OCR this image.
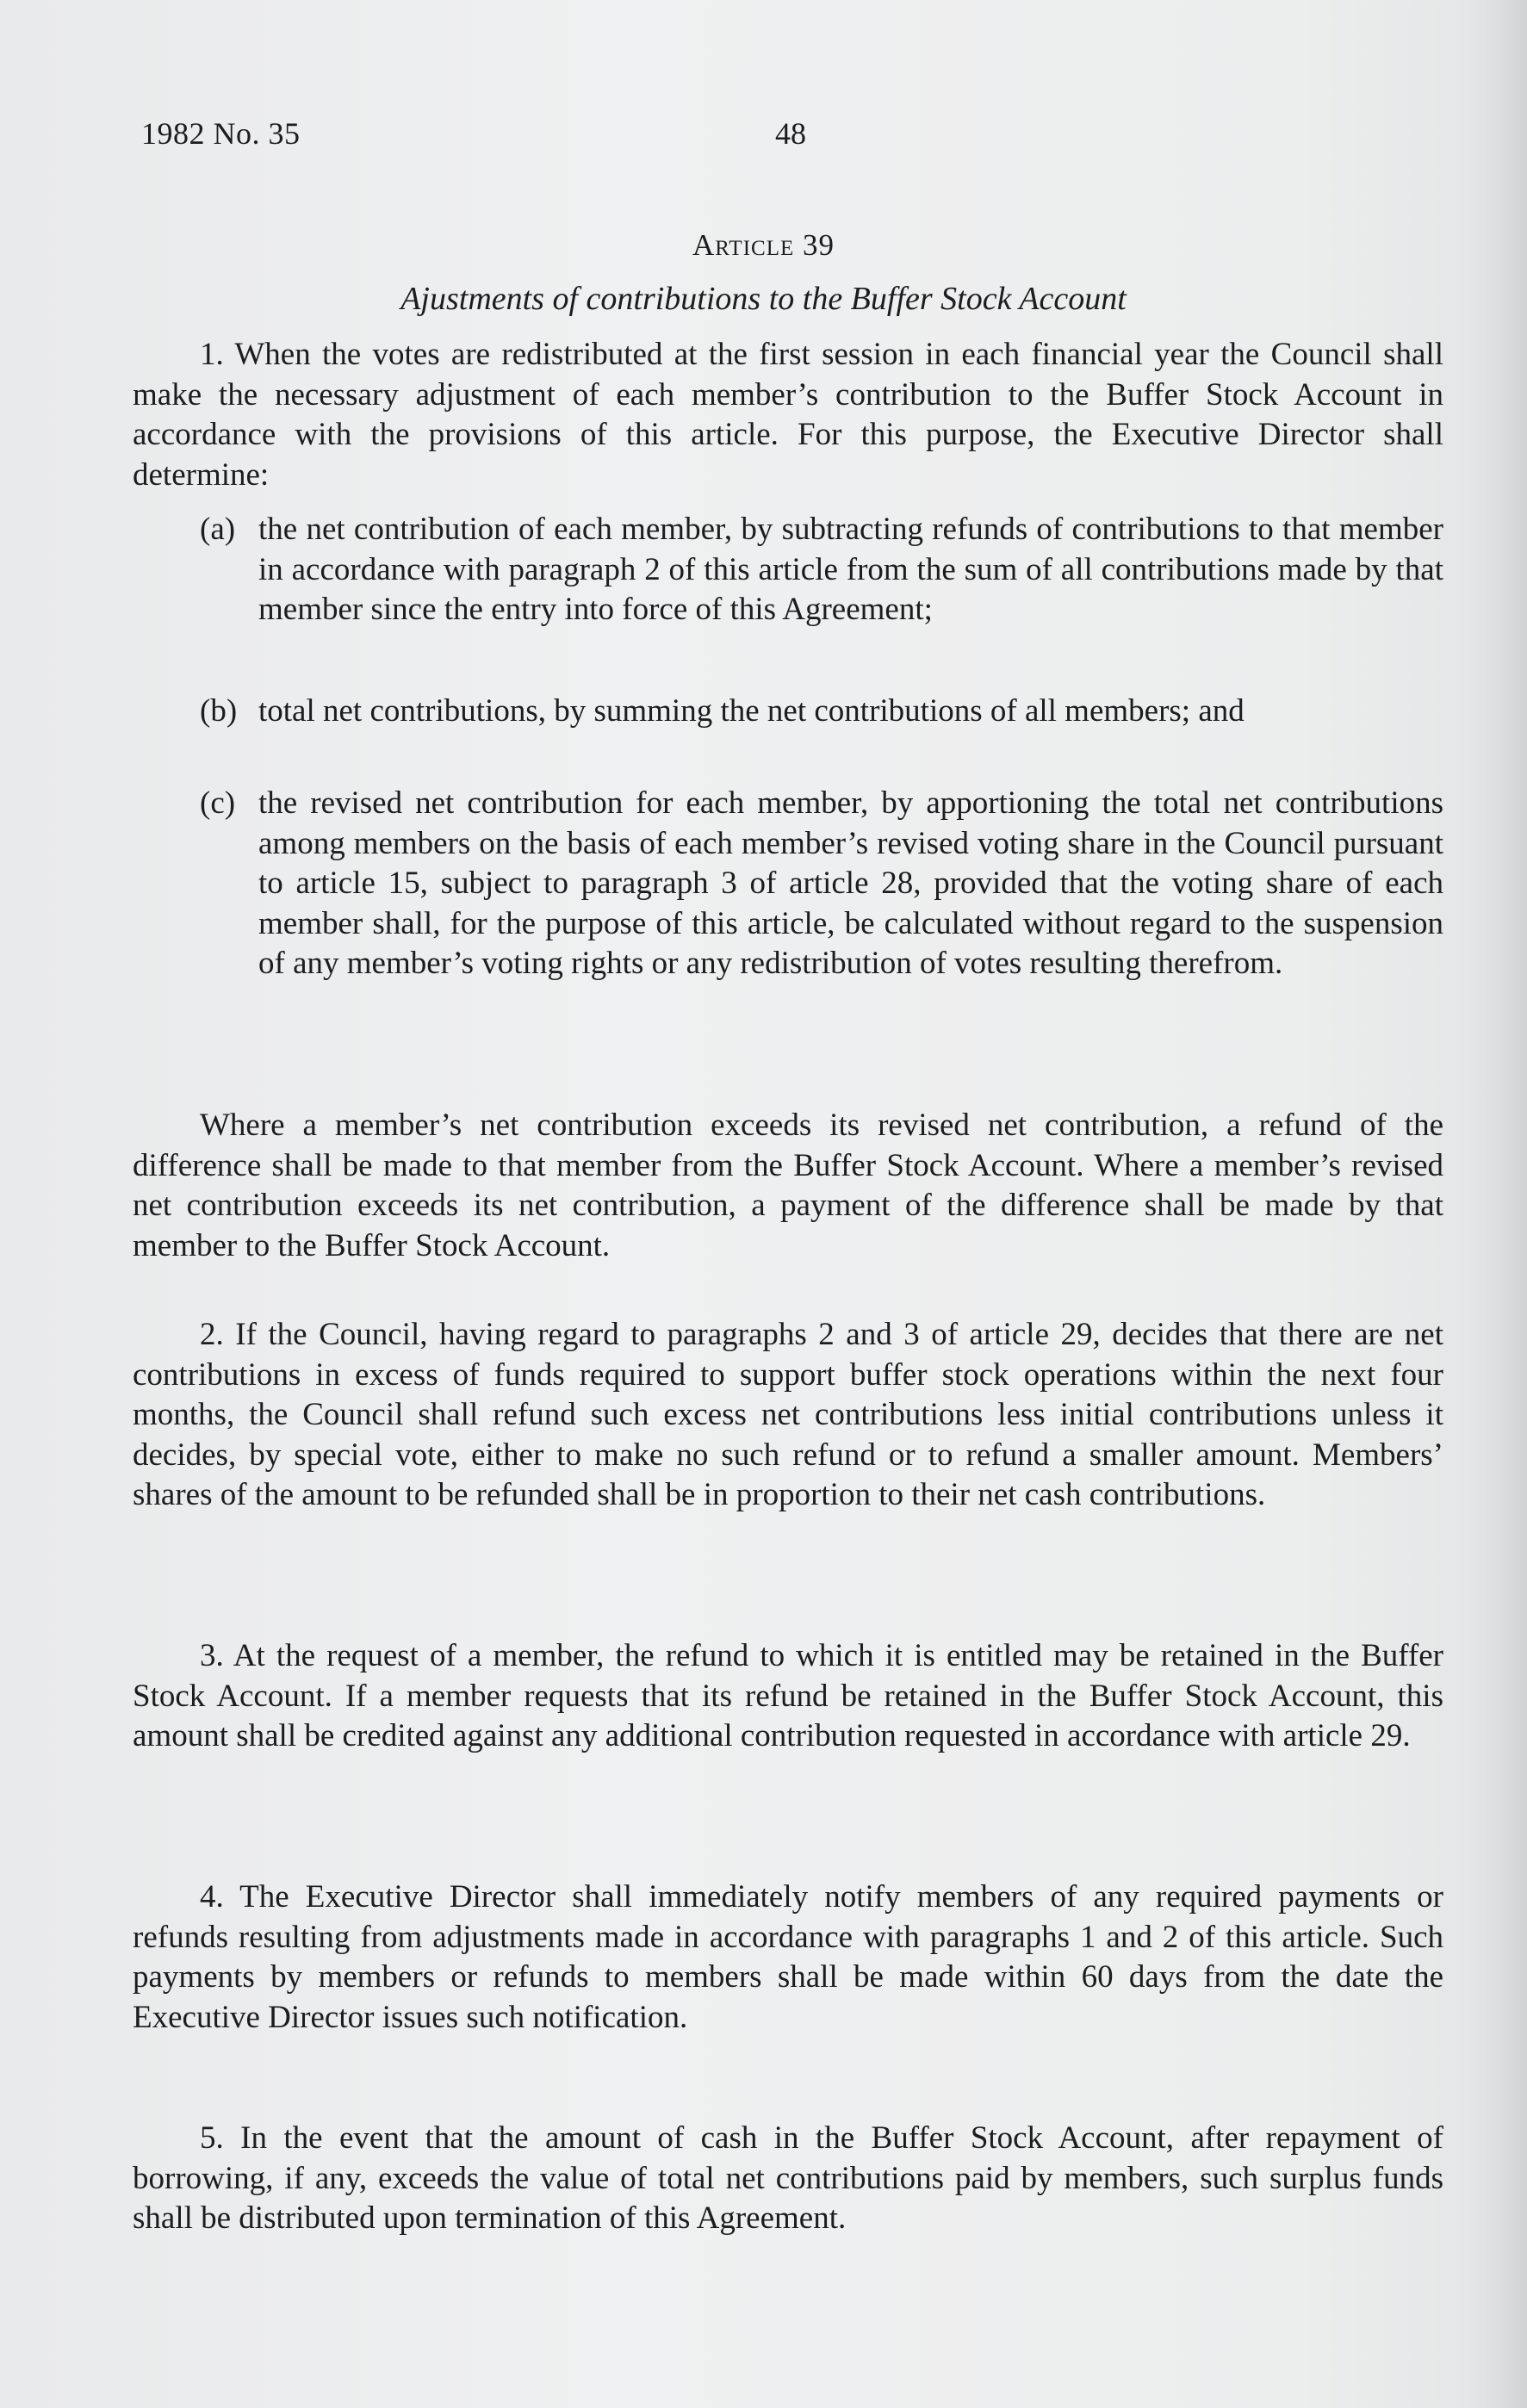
1982 No. 35	48
Article 39
Ajustments of contributions to the Buffer Stock Account
1. When the votes are redistributed at the first session in each financial year the Council shall make the necessary adjustment of each member’s contribution to the Buffer Stock Account in accordance with the provisions of this article. For this purpose, the Executive Director shall determine:
(a) the net contribution of each member, by subtracting refunds of contributions to that member in accordance with paragraph 2 of this article from the sum of all contributions made by that member since the entry into force of this Agreement;
(b) total net contributions, by summing the net contributions of all members; and
(c) the revised net contribution for each member, by apportioning the total net contributions among members on the basis of each member’s revised voting share in the Council pursuant to article 15, subject to paragraph 3 of article 28, provided that the voting share of each member shall, for the purpose of this article, be calculated without regard to the suspension of any member’s voting rights or any redistribution of votes resulting therefrom.
Where a member’s net contribution exceeds its revised net contribution, a refund of the difference shall be made to that member from the Buffer Stock Account. Where a member’s revised net contribution exceeds its net contribution, a payment of the difference shall be made by that member to the Buffer Stock Account.
2. If the Council, having regard to paragraphs 2 and 3 of article 29, decides that there are net contributions in excess of funds required to support buffer stock operations within the next four months, the Council shall refund such excess net contributions less initial contributions unless it decides, by special vote, either to make no such refund or to refund a smaller amount. Members’ shares of the amount to be refunded shall be in proportion to their net cash contributions.
3. At the request of a member, the refund to which it is entitled may be retained in the Buffer Stock Account. If a member requests that its refund be retained in the Buffer Stock Account, this amount shall be credited against any additional contribution requested in accordance with article 29.
4. The Executive Director shall immediately notify members of any required payments or refunds resulting from adjustments made in accordance with paragraphs 1 and 2 of this article. Such payments by members or refunds to members shall be made within 60 days from the date the Executive Director issues such notification.
5. In the event that the amount of cash in the Buffer Stock Account, after repayment of borrowing, if any, exceeds the value of total net contributions paid by members, such surplus funds shall be distributed upon termination of this Agreement.
